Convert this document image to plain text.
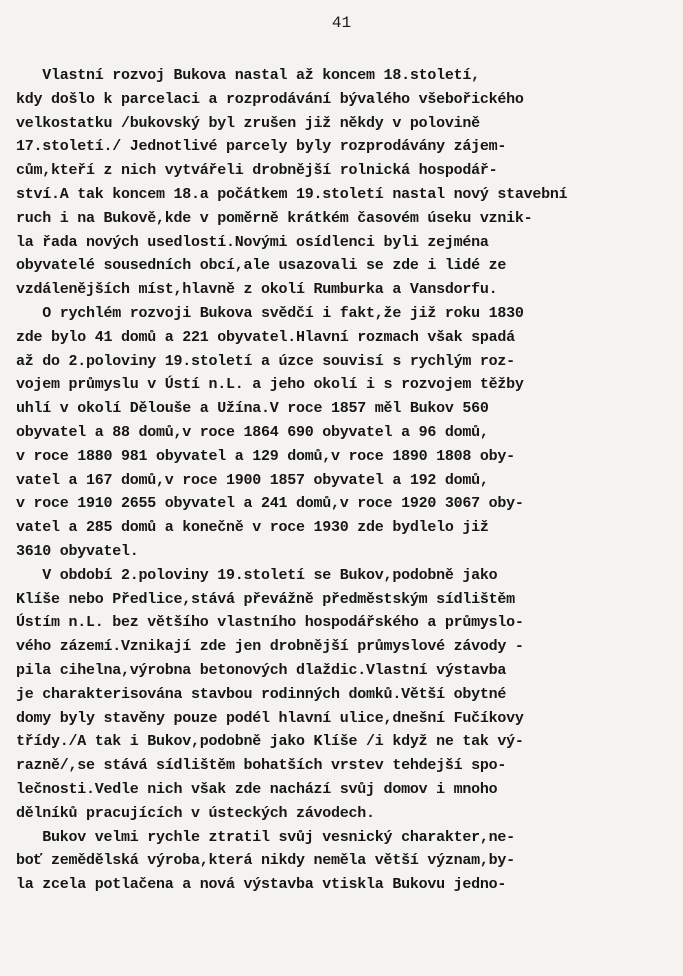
41
Vlastní rozvoj Bukova nastal až koncem 18.století,
kdy došlo k parcelaci a rozprodávání bývalého všebořického
velkostatku /bukovský byl zrušen již někdy v polovině
17.století./ Jednotlivé parcely byly rozprodávány zájem-
cům,kteří z nich vytvářeli drobnější rolnická hospodář-
ství.A tak koncem 18.a počátkem 19.století nastal nový stavební
ruch i na Bukově,kde v poměrně krátkém časovém úseku vznik-
la řada nových usedlostí.Novými osídlenci byli zejména
obyvatelé sousedních obcí,ale usazovali se zde i lidé ze
vzdálenějších míst,hlavně z okolí Rumburka a Vansdorfu.
O rychlém rozvoji Bukova svědčí i fakt,že již roku 1830
zde bylo 41 domů a 221 obyvatel.Hlavní rozmach však spadá
až do 2.poloviny 19.století a úzce souvisí s rychlým roz-
vojem průmyslu v Ústí n.L. a jeho okolí i s rozvojem těžby
uhlí v okolí Dělouše a Užína.V roce 1857 měl Bukov 560
obyvatel a 88 domů,v roce 1864 690 obyvatel a 96 domů,
v roce 1880 981 obyvatel a 129 domů,v roce 1890 1808 oby-
vatel a 167 domů,v roce 1900 1857 obyvatel a 192 domů,
v roce 1910 2655 obyvatel a 241 domů,v roce 1920 3067 oby-
vatel a 285 domů a konečně v roce 1930 zde bydlelo již
3610 obyvatel.
V období 2.poloviny 19.století se Bukov,podobně jako
Klíše nebo Předlice,stává převážně předměstským sídlištěm
Ústím n.L. bez většího vlastního hospodářského a průmyslo-
vého zázemí.Vznikají zde jen drobnější průmyslové závody -
pila cihelna,výrobna betonových dlaždic.Vlastní výstavba
je charakterisována stavbou rodinných domků.Větší obytné
domy byly stavěny pouze podél hlavní ulice,dnešní Fučíkovy
třídy./A tak i Bukov,podobně jako Klíše /i když ne tak vý-
razně/,se stává sídlištěm bohatších vrstev tehdejší spo-
lečnosti.Vedle nich však zde nachází svůj domov i mnoho
dělníků pracujících v ústeckých závodech.
Bukov velmi rychle ztratil svůj vesnický charakter,ne-
boť zemědělská výroba,která nikdy neměla větší význam,by-
la zcela potlačena a nová výstavba vtiskla Bukovu jedno-
